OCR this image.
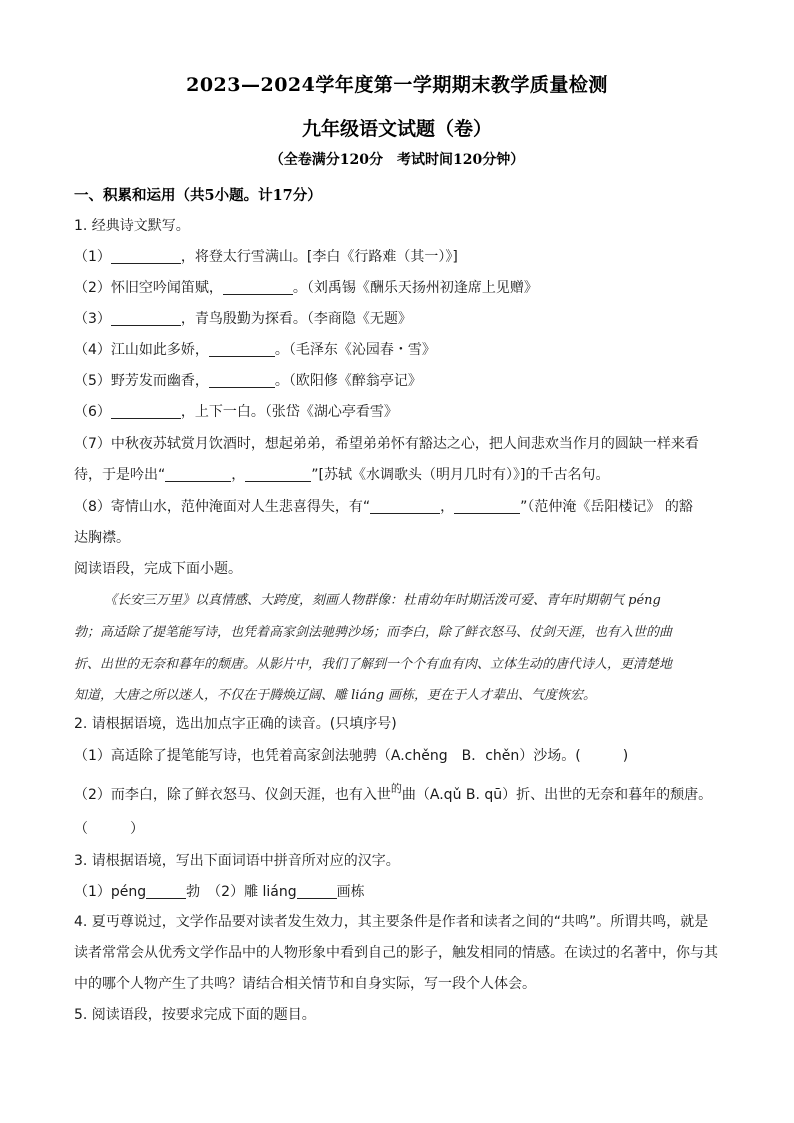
2023—2024学年度第一学期期末教学质量检测
九年级语文试题（卷）
（全卷满分120分　考试时间120分钟）
一、积累和运用（共5小题。计17分）
1. 经典诗文默写。
（1）	，将登太行雪满山。[李白《行路难（其一）》]
（2）怀旧空吟闻笛赋，	。（刘禹锡《酬乐天扬州初逢席上见赠》
（3）	，青鸟殷勤为探看。（李商隐《无题》
（4）江山如此多娇，	。（毛泽东《沁园春・雪》
（5）野芳发而幽香，	。（欧阳修《醉翁亭记》
（6）	，上下一白。（张岱《湖心亭看雪》
（7）中秋夜苏轼赏月饮酒时，想起弟弟，希望弟弟怀有豁达之心，把人间悲欢当作月的圆缺一样来看
待，于是吟出“	，	”[苏轼《水调歌头（明月几时有）》]的千古名句。
（8）寄情山水，范仲淹面对人生悲喜得失，有“	，	”（范仲淹《岳阳楼记》 的豁
达胸襟。
阅读语段，完成下面小题。
《长安三万里》以真情感、大跨度，刻画人物群像：杜甫幼年时期活泼可爱、青年时期朝气 péng
勃；高适除了提笔能写诗，也凭着高家剑法驰骋沙场；而李白，除了鲜衣怒马、仗剑天涯，也有入世的曲
折、出世的无奈和暮年的颓唐。从影片中，我们了解到一个个有血有肉、立体生动的唐代诗人，更清楚地
知道，大唐之所以迷人，不仅在于腾焕辽阔、雕 liáng 画栋，更在于人才辈出、气度恢宏。
2. 请根据语境，选出加点字正确的读音。(只填序号)
（1）高适除了提笔能写诗，也凭着高家剑法驰骋（A.chěng　B．chěn）沙场。(　　　)
（2）而李白，除了鲜衣怒马、仪剑天涯，也有入世$^的$曲（A.qǔ B. qū）折、出世的无奈和暮年的颓唐。
（　　　）
3. 请根据语境，写出下面词语中拼音所对应的汉字。
（1）péng	勃　（2）雕 liáng	画栋
4. 夏丏尊说过，文学作品要对读者发生效力，其主要条件是作者和读者之间的“共鸣”。所谓共鸣，就是
读者常常会从优秀文学作品中的人物形象中看到自己的影子，触发相同的情感。在读过的名著中，你与其
中的哪个人物产生了共鸣？请结合相关情节和自身实际，写一段个人体会。
5. 阅读语段，按要求完成下面的题目。
